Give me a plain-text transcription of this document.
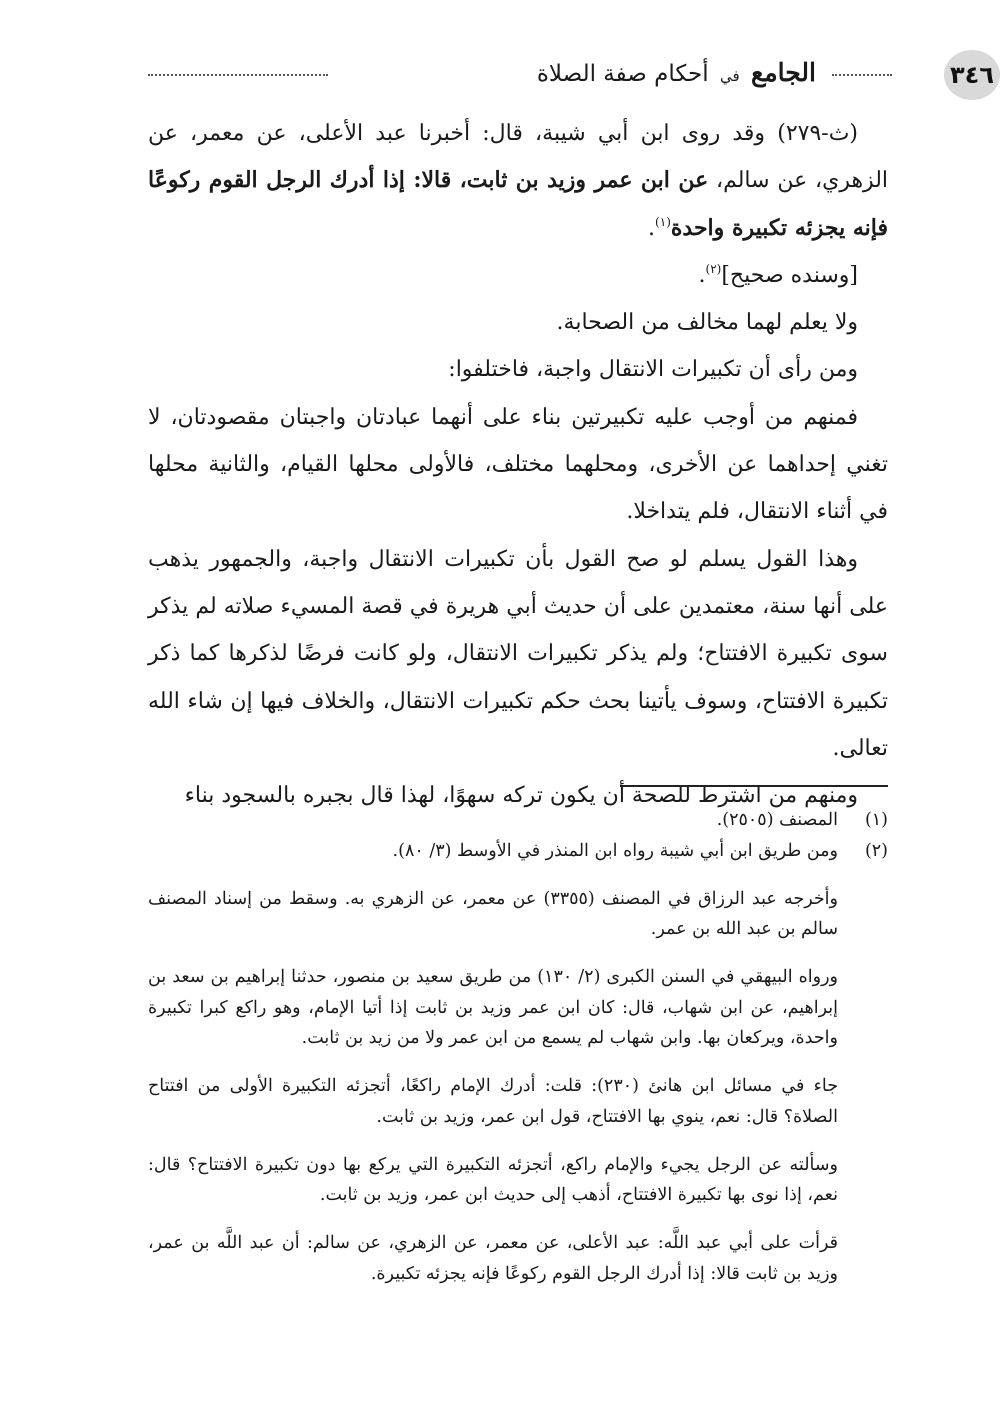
٣٤٦
الجامع في أحكام صفة الصلاة

(ث-٢٧٩) وقد روى ابن أبي شيبة، قال: أخبرنا عبد الأعلى، عن معمر، عن الزهري، عن سالم، عن ابن عمر وزيد بن ثابت، قالا: إذا أدرك الرجل القوم ركوعًا فإنه يجزئه تكبيرة واحدة$^{(١)}$.

[وسنده صحيح]$^{(٢)}$.

ولا يعلم لهما مخالف من الصحابة.

ومن رأى أن تكبيرات الانتقال واجبة، فاختلفوا:

فمنهم من أوجب عليه تكبيرتين بناء على أنهما عبادتان واجبتان مقصودتان، لا تغني إحداهما عن الأخرى، ومحلهما مختلف، فالأولى محلها القيام، والثانية محلها في أثناء الانتقال، فلم يتداخلا.

وهذا القول يسلم لو صح القول بأن تكبيرات الانتقال واجبة، والجمهور يذهب على أنها سنة، معتمدين على أن حديث أبي هريرة في قصة المسيء صلاته لم يذكر سوى تكبيرة الافتتاح؛ ولم يذكر تكبيرات الانتقال، ولو كانت فرضًا لذكرها كما ذكر تكبيرة الافتتاح، وسوف يأتينا بحث حكم تكبيرات الانتقال، والخلاف فيها إن شاء الله تعالى.

ومنهم من اشترط للصحة أن يكون تركه سهوًا، لهذا قال بجبره بالسجود بناء

(١)

المصنف (٢٥٠٥).

(٢)

ومن طريق ابن أبي شيبة رواه ابن المنذر في الأوسط (٣/ ٨٠).

وأخرجه عبد الرزاق في المصنف (٣٣٥٥) عن معمر، عن الزهري به. وسقط من إسناد المصنف سالم بن عبد الله بن عمر.

ورواه البيهقي في السنن الكبرى (٢/ ١٣٠) من طريق سعيد بن منصور، حدثنا إبراهيم بن سعد بن إبراهيم، عن ابن شهاب، قال: كان ابن عمر وزيد بن ثابت إذا أتيا الإمام، وهو راكع كبرا تكبيرة واحدة، ويركعان بها. وابن شهاب لم يسمع من ابن عمر ولا من زيد بن ثابت.

جاء في مسائل ابن هانئ (٢٣٠): قلت: أدرك الإمام راكعًا، أتجزئه التكبيرة الأولى من افتتاح الصلاة؟ قال: نعم، ينوي بها الافتتاح، قول ابن عمر، وزيد بن ثابت.

وسألته عن الرجل يجيء والإمام راكع، أتجزئه التكبيرة التي يركع بها دون تكبيرة الافتتاح؟ قال: نعم، إذا نوى بها تكبيرة الافتتاح، أذهب إلى حديث ابن عمر، وزيد بن ثابت.

قرأت على أبي عبد اللَّه: عبد الأعلى، عن معمر، عن الزهري، عن سالم: أن عبد اللَّه بن عمر، وزيد بن ثابت قالا: إذا أدرك الرجل القوم ركوعًا فإنه يجزئه تكبيرة.
